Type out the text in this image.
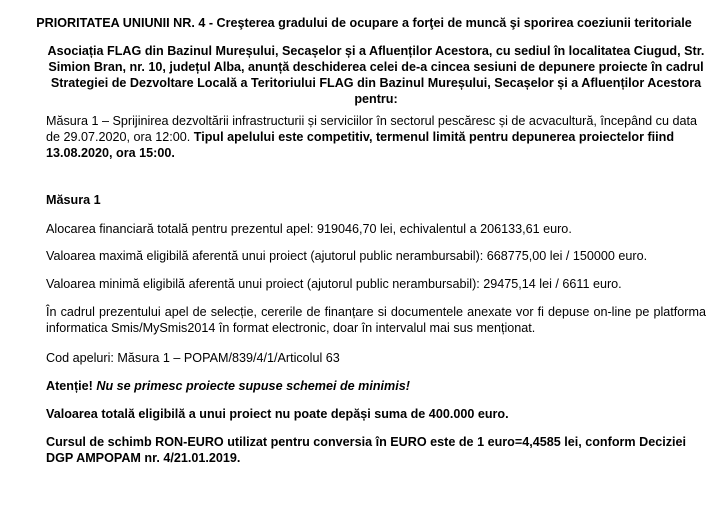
PRIORITATEA UNIUNII NR. 4 - Creşterea gradului de ocupare a forţei de muncă şi sporirea coeziunii teritoriale
Asociația FLAG din Bazinul Mureșului, Secașelor și a Afluenților Acestora, cu sediul în localitatea Ciugud, Str. Simion Bran, nr. 10, județul Alba, anunță deschiderea celei de-a cincea sesiuni de depunere proiecte în cadrul Strategiei de Dezvoltare Locală a Teritoriului FLAG din Bazinul Mureșului, Secașelor și a Afluenților Acestora pentru:
Măsura 1 – Sprijinirea dezvoltării infrastructurii și serviciilor în sectorul pescăresc și de acvacultură, începând cu data de 29.07.2020, ora 12:00. Tipul apelului este competitiv, termenul limită pentru depunerea proiectelor fiind 13.08.2020, ora 15:00.
Măsura 1
Alocarea financiară totală pentru prezentul apel: 919046,70 lei, echivalentul a 206133,61 euro.
Valoarea maximă eligibilă aferentă unui proiect (ajutorul public nerambursabil): 668775,00 lei / 150000 euro.
Valoarea minimă eligibilă aferentă unui proiect (ajutorul public nerambursabil): 29475,14 lei / 6611 euro.
În cadrul prezentului apel de selecție, cererile de finanțare si documentele anexate vor fi depuse on-line pe platforma informatica Smis/MySmis2014 în format electronic, doar în intervalul mai sus menționat.
Cod apeluri: Măsura 1 – POPAM/839/4/1/Articolul 63
Atenție! Nu se primesc proiecte supuse schemei de minimis!
Valoarea totală eligibilă a unui proiect nu poate depăși suma de 400.000 euro.
Cursul de schimb RON-EURO utilizat pentru conversia în EURO este de 1 euro=4,4585 lei, conform Deciziei DGP AMPOPAM nr. 4/21.01.2019.
